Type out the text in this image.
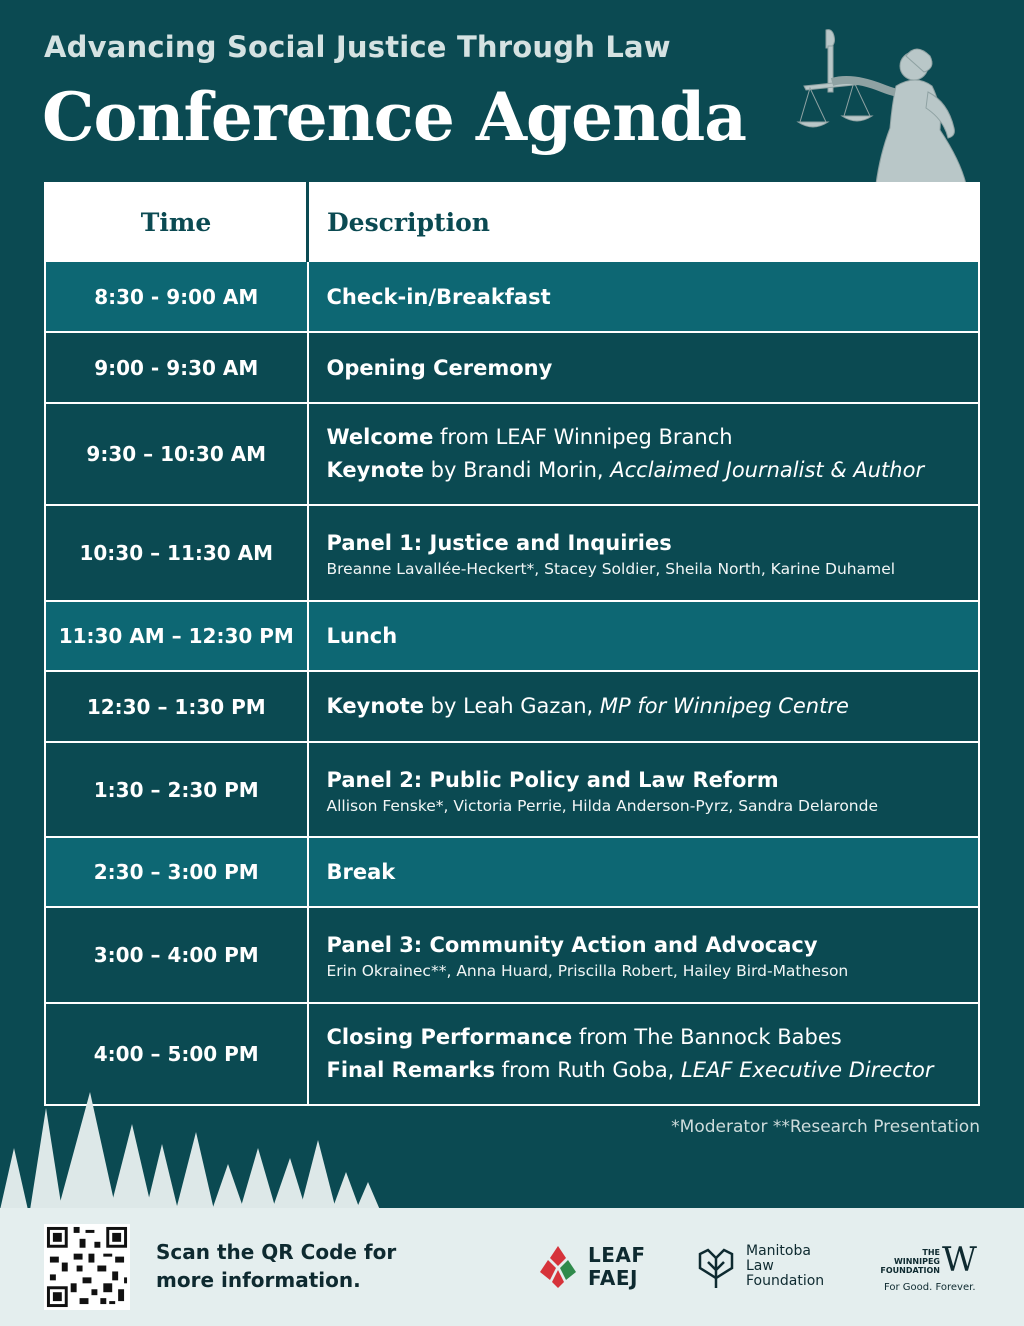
Advancing Social Justice Through Law
Conference Agenda
Time	Description
8:30 - 9:00 AM	Check-in/Breakfast

9:00 - 9:30 AM	Opening Ceremony

9:30 – 10:30 AM	Welcome from LEAF Winnipeg Branch
Keynote by Brandi Morin, Acclaimed Journalist & Author

10:30 – 11:30 AM	Panel 1: Justice and Inquiries
Breanne Lavallée-Heckert*, Stacey Soldier, Sheila North, Karine Duhamel

11:30 AM – 12:30 PM	Lunch

12:30 – 1:30 PM	Keynote by Leah Gazan, MP for Winnipeg Centre

1:30 – 2:30 PM	Panel 2: Public Policy and Law Reform
Allison Fenske*, Victoria Perrie, Hilda Anderson-Pyrz, Sandra Delaronde

2:30 – 3:00 PM	Break

3:00 – 4:00 PM	Panel 3: Community Action and Advocacy
Erin Okrainec**, Anna Huard, Priscilla Robert, Hailey Bird-Matheson

4:00 – 5:00 PM	Closing Performance from The Bannock Babes
Final Remarks from Ruth Goba, LEAF Executive Director
*Moderator **Research Presentation
Scan the QR Code for
more information.
LEAF
FAEJ
Manitoba
Law
Foundation
THE
WINNIPEG
FOUNDATION W
For Good. Forever.
